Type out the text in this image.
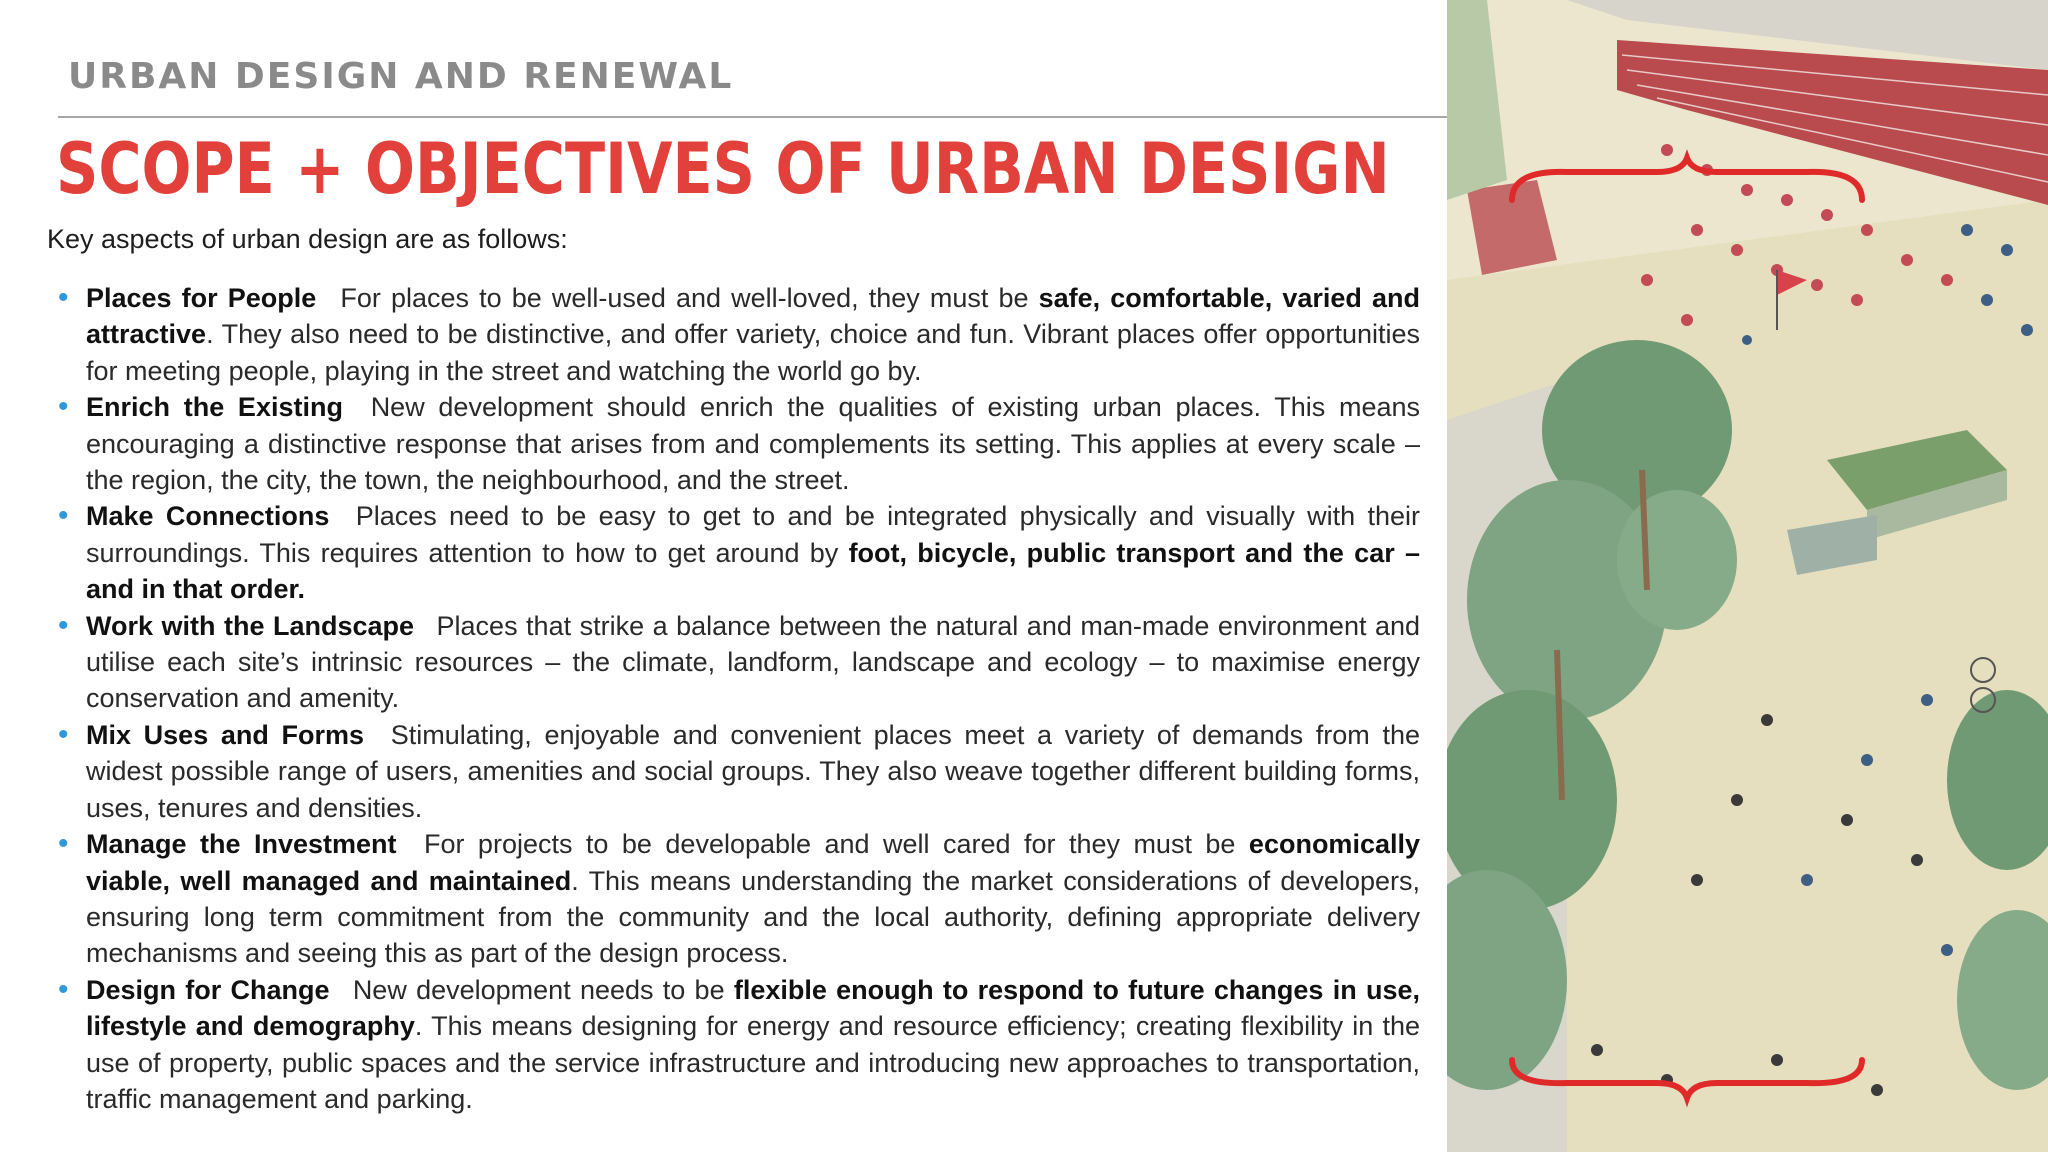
URBAN DESIGN AND RENEWAL
SCOPE + OBJECTIVES OF URBAN DESIGN
Key aspects of urban design are as follows:
• Places for People For places to be well-used and well-loved, they must be safe, comfortable, varied and attractive. They also need to be distinctive, and offer variety, choice and fun. Vibrant places offer opportunities for meeting people, playing in the street and watching the world go by.
• Enrich the Existing New development should enrich the qualities of existing urban places. This means encouraging a distinctive response that arises from and complements its setting. This applies at every scale – the region, the city, the town, the neighbourhood, and the street.
• Make Connections Places need to be easy to get to and be integrated physically and visually with their surroundings. This requires attention to how to get around by foot, bicycle, public transport and the car – and in that order.
• Work with the Landscape Places that strike a balance between the natural and man-made environment and utilise each site’s intrinsic resources – the climate, landform, landscape and ecology – to maximise energy conservation and amenity.
• Mix Uses and Forms Stimulating, enjoyable and convenient places meet a variety of demands from the widest possible range of users, amenities and social groups. They also weave together different building forms, uses, tenures and densities.
• Manage the Investment For projects to be developable and well cared for they must be economically viable, well managed and maintained. This means understanding the market considerations of developers, ensuring long term commitment from the community and the local authority, defining appropriate delivery mechanisms and seeing this as part of the design process.
• Design for Change New development needs to be flexible enough to respond to future changes in use, lifestyle and demography. This means designing for energy and resource efficiency; creating flexibility in the use of property, public spaces and the service infrastructure and introducing new approaches to transportation, traffic management and parking.
